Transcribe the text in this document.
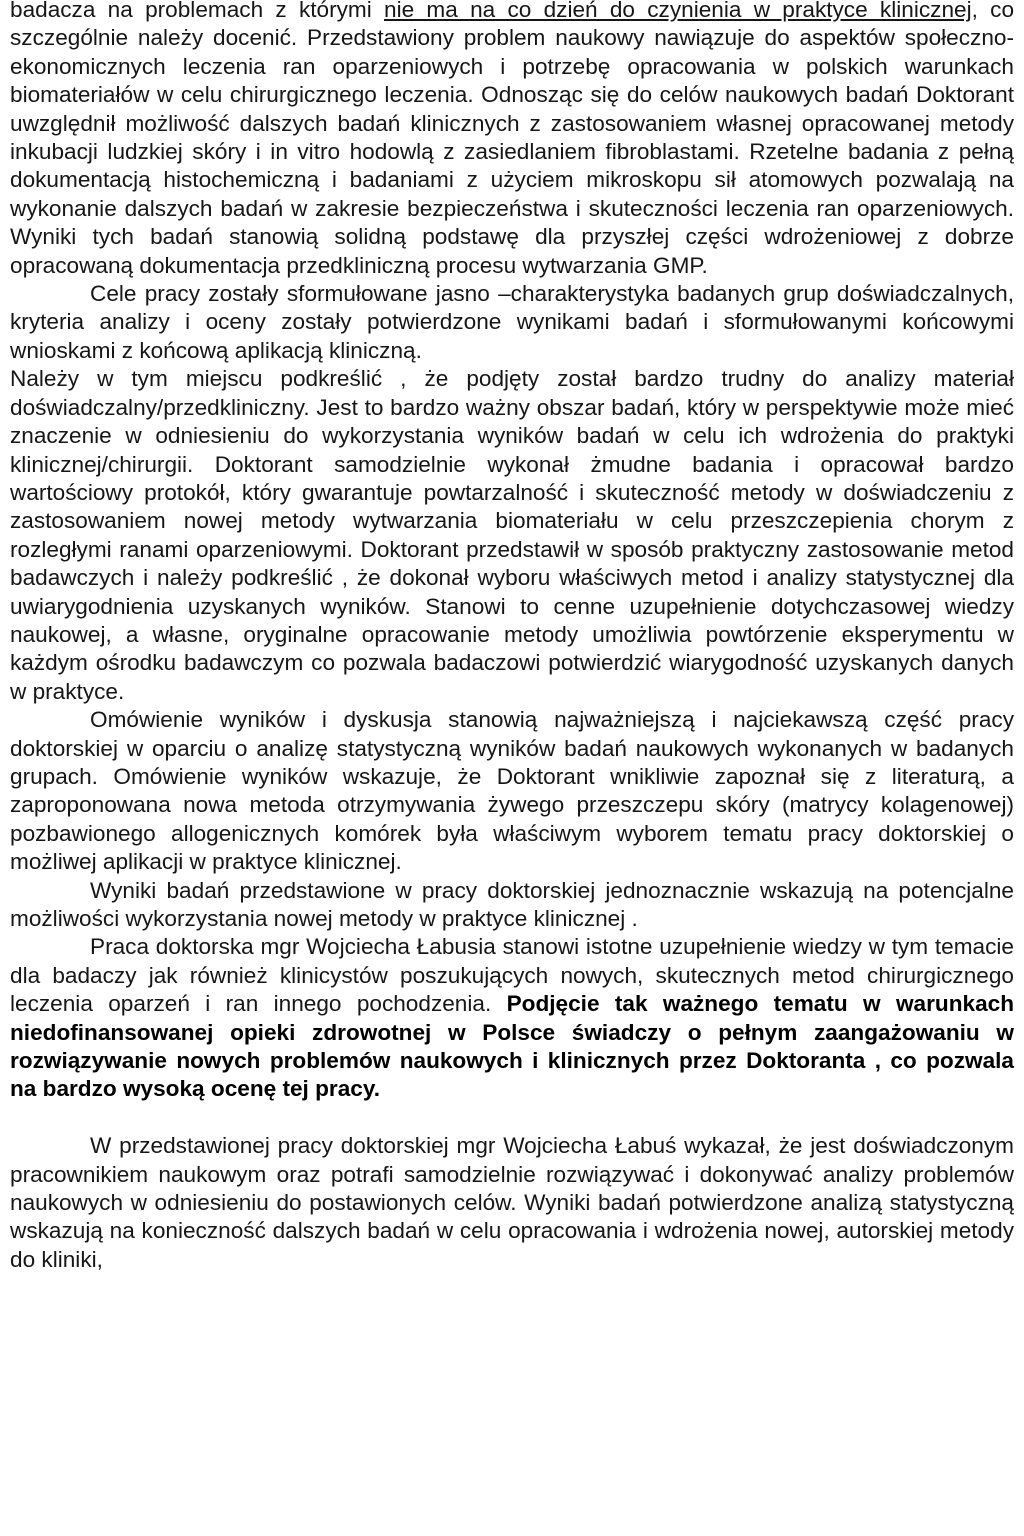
badacza na problemach z którymi nie ma na co dzień do czynienia w praktyce klinicznej, co szczególnie należy docenić. Przedstawiony problem naukowy nawiązuje do aspektów społeczno-ekonomicznych leczenia ran oparzeniowych i potrzebę opracowania w polskich warunkach biomateriałów w celu chirurgicznego leczenia. Odnosząc się do celów naukowych badań Doktorant uwzględnił możliwość dalszych badań klinicznych z zastosowaniem własnej opracowanej metody inkubacji ludzkiej skóry i in vitro hodowlą z zasiedlaniem fibroblastami. Rzetelne badania z pełną dokumentacją histochemiczną i badaniami z użyciem mikroskopu sił atomowych pozwalają na wykonanie dalszych badań w zakresie bezpieczeństwa i skuteczności leczenia ran oparzeniowych. Wyniki tych badań stanowią solidną podstawę dla przyszłej części wdrożeniowej z dobrze opracowaną dokumentacja przedkliniczną procesu wytwarzania GMP.

Cele pracy zostały sformułowane jasno –charakterystyka badanych grup doświadczalnych, kryteria analizy i oceny zostały potwierdzone wynikami badań i sformułowanymi końcowymi wnioskami z końcową aplikacją kliniczną.

Należy w tym miejscu podkreślić , że podjęty został bardzo trudny do analizy materiał doświadczalny/przedkliniczny. Jest to bardzo ważny obszar badań, który w perspektywie może mieć znaczenie w odniesieniu do wykorzystania wyników badań w celu ich wdrożenia do praktyki klinicznej/chirurgii. Doktorant samodzielnie wykonał żmudne badania i opracował bardzo wartościowy protokół, który gwarantuje powtarzalność i skuteczność metody w doświadczeniu z zastosowaniem nowej metody wytwarzania biomateriału w celu przeszczepienia chorym z rozległymi ranami oparzeniowymi. Doktorant przedstawił w sposób praktyczny zastosowanie metod badawczych i należy podkreślić , że dokonał wyboru właściwych metod i analizy statystycznej dla uwiarygodnienia uzyskanych wyników. Stanowi to cenne uzupełnienie dotychczasowej wiedzy naukowej, a własne, oryginalne opracowanie metody umożliwia powtórzenie eksperymentu w każdym ośrodku badawczym co pozwala badaczowi potwierdzić wiarygodność uzyskanych danych w praktyce.

Omówienie wyników i dyskusja stanowią najważniejszą i najciekawszą część pracy doktorskiej w oparciu o analizę statystyczną wyników badań naukowych wykonanych w badanych grupach. Omówienie wyników wskazuje, że Doktorant wnikliwie zapoznał się z literaturą, a zaproponowana nowa metoda otrzymywania żywego przeszczepu skóry (matrycy kolagenowej) pozbawionego allogenicznych komórek była właściwym wyborem tematu pracy doktorskiej o możliwej aplikacji w praktyce klinicznej.

Wyniki badań przedstawione w pracy doktorskiej jednoznacznie wskazują na potencjalne możliwości wykorzystania nowej metody w praktyce klinicznej .

Praca doktorska mgr Wojciecha Łabusia stanowi istotne uzupełnienie wiedzy w tym temacie dla badaczy jak również klinicystów poszukujących nowych, skutecznych metod chirurgicznego leczenia oparzeń i ran innego pochodzenia. Podjęcie tak ważnego tematu w warunkach niedofinansowanej opieki zdrowotnej w Polsce świadczy o pełnym zaangażowaniu w rozwiązywanie nowych problemów naukowych i klinicznych przez Doktoranta , co pozwala na bardzo wysoką ocenę tej pracy.

W przedstawionej pracy doktorskiej mgr Wojciecha Łabuś wykazał, że jest doświadczonym pracownikiem naukowym oraz potrafi samodzielnie rozwiązywać i dokonywać analizy problemów naukowych w odniesieniu do postawionych celów. Wyniki badań potwierdzone analizą statystyczną wskazują na konieczność dalszych badań w celu opracowania i wdrożenia nowej, autorskiej metody do kliniki,
